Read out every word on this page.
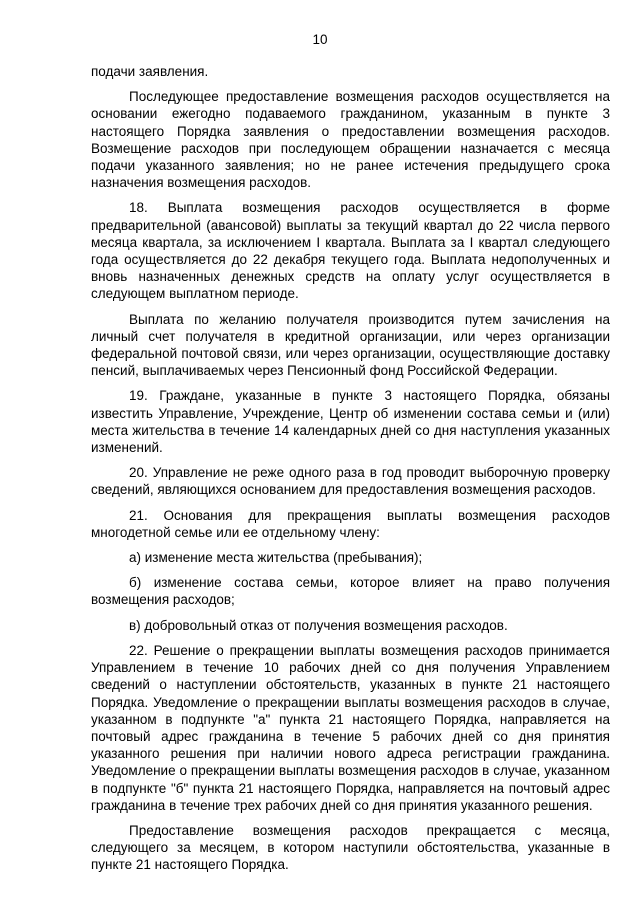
10

подачи заявления.

Последующее предоставление возмещения расходов осуществляется на основании ежегодно подаваемого гражданином, указанным в пункте 3 настоящего Порядка заявления о предоставлении возмещения расходов. Возмещение расходов при последующем обращении назначается с месяца подачи указанного заявления; но не ранее истечения предыдущего срока назначения возмещения расходов.

18. Выплата возмещения расходов осуществляется в форме предварительной (авансовой) выплаты за текущий квартал до 22 числа первого месяца квартала, за исключением I квартала. Выплата за I квартал следующего года осуществляется до 22 декабря текущего года. Выплата недополученных и вновь назначенных денежных средств на оплату услуг осуществляется в следующем выплатном периоде.

Выплата по желанию получателя производится путем зачисления на личный счет получателя в кредитной организации, или через организации федеральной почтовой связи, или через организации, осуществляющие доставку пенсий, выплачиваемых через Пенсионный фонд Российской Федерации.

19. Граждане, указанные в пункте 3 настоящего Порядка, обязаны известить Управление, Учреждение, Центр об изменении состава семьи и (или) места жительства в течение 14 календарных дней со дня наступления указанных изменений.

20. Управление не реже одного раза в год проводит выборочную проверку сведений, являющихся основанием для предоставления возмещения расходов.

21. Основания для прекращения выплаты возмещения расходов многодетной семье или ее отдельному члену:

а) изменение места жительства (пребывания);

б) изменение состава семьи, которое влияет на право получения возмещения расходов;

в) добровольный отказ от получения возмещения расходов.

22. Решение о прекращении выплаты возмещения расходов принимается Управлением в течение 10 рабочих дней со дня получения Управлением сведений о наступлении обстоятельств, указанных в пункте 21 настоящего Порядка. Уведомление о прекращении выплаты возмещения расходов в случае, указанном в подпункте "а" пункта 21 настоящего Порядка, направляется на почтовый адрес гражданина в течение 5 рабочих дней со дня принятия указанного решения при наличии нового адреса регистрации гражданина. Уведомление о прекращении выплаты возмещения расходов в случае, указанном в подпункте "б" пункта 21 настоящего Порядка, направляется на почтовый адрес гражданина в течение трех рабочих дней со дня принятия указанного решения.

Предоставление возмещения расходов прекращается с месяца, следующего за месяцем, в котором наступили обстоятельства, указанные в пункте 21 настоящего Порядка.
